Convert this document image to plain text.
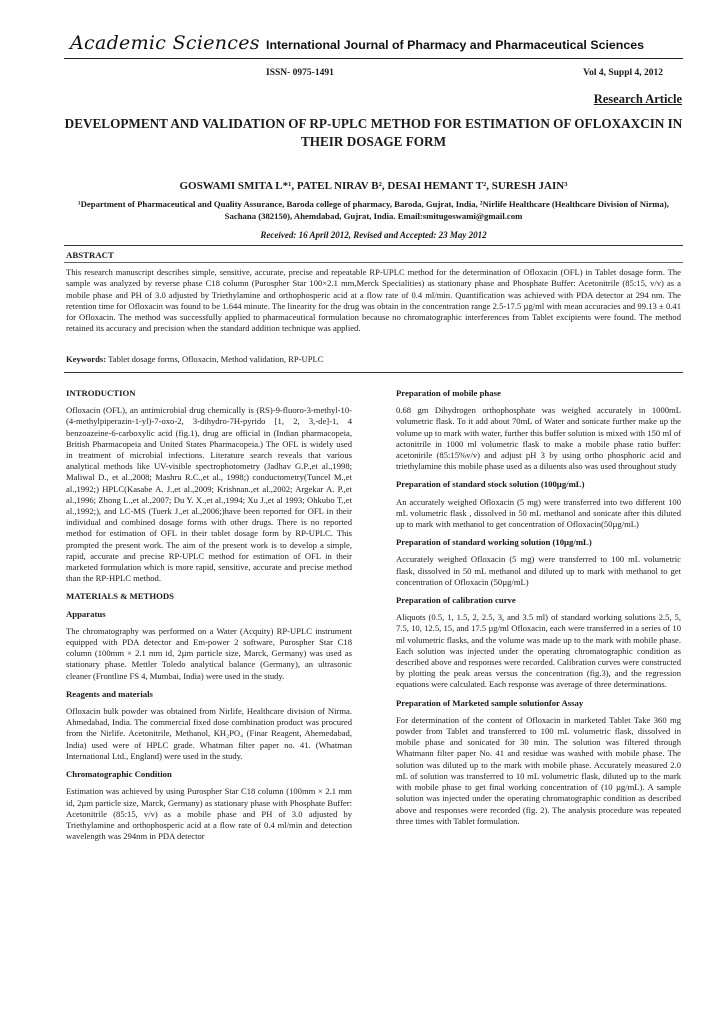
Academic Sciences International Journal of Pharmacy and Pharmaceutical Sciences
ISSN- 0975-1491	Vol 4, Suppl 4, 2012
Research Article
DEVELOPMENT AND VALIDATION OF RP-UPLC METHOD FOR ESTIMATION OF OFLOXAXCIN IN THEIR DOSAGE FORM
GOSWAMI SMITA L*¹, PATEL NIRAV B², DESAI HEMANT T², SURESH JAIN³
¹Department of Pharmaceutical and Quality Assurance, Baroda college of pharmacy, Baroda, Gujrat, India, ²Nirlife Healthcare (Healthcare Division of Nirma), Sachana (382150), Ahemdabad, Gujrat, India. Email:smitugoswami@gmail.com
Received: 16 April 2012, Revised and Accepted: 23 May 2012
ABSTRACT
This research manuscript describes simple, sensitive, accurate, precise and repeatable RP-UPLC method for the determination of Ofloxacin (OFL) in Tablet dosage form. The sample was analyzed by reverse phase C18 column (Purospher Star 100×2.1 mm,Merck Specialities) as stationary phase and Phosphate Buffer: Acetonitrile (85:15, v/v) as a mobile phase and PH of 3.0 adjusted by Triethylamine and orthophosperic acid at a flow rate of 0.4 ml/min. Quantification was achieved with PDA detector at 294 nm. The retention time for Ofloxacin was found to be 1.644 minute. The linearity for the drug was obtain in the concentration range 2.5-17.5 µg/ml with mean accuracies and 99.13 ± 0.41 for Ofloxacin. The method was successfully applied to pharmaceutical formulation because no chromatographic interferences from Tablet excipients were found. The method retained its accuracy and precision when the standard addition technique was applied.
Keywords: Tablet dosage forms, Ofloxacin, Method validation, RP-UPLC
INTRODUCTION

Ofloxacin (OFL), an antimicrobial drug chemically is (RS)-9-fluoro-3-methyl-10-(4-methylpiperazin-1-yl)-7-oxo-2, 3-dihydro-7H-pyrido [1, 2, 3,-de]-1, 4 benzoazeine-6-carboxylic acid (fig.1), drug are official in (Indian pharmacopeia, British Pharmacopeia and United States Pharmacopeia.) The OFL is widely used in treatment of microbial infections. Literature search reveals that various analytical methods like UV-visible spectrophotometry (Jadhav G.P.,et al.,1998; Maliwal D., et al.,2008; Mashru R.C.,et al., 1998;) conductometry(Tuncel M.,et al.,1992;) HPLC(Kasabe A. J.,et al.,2009; Krishnan.,et al.,2002; Argekar A. P.,et al.,1996; Zhong L.,et al.,2007; Du Y. X.,et al.,1994; Xu J.,et al 1993; Ohkubo T.,et al.,1992;), and LC-MS (Tuerk J.,et al.,2006;)have been reported for OFL in their individual and combined dosage forms with other drugs. There is no reported method for estimation of OFL in their tablet dosage form by RP-UPLC. This prompted the present work. The aim of the present work is to develop a simple, rapid, accurate and precise RP-UPLC method for estimation of OFL in their marketed formulation which is more rapid, sensitive, accurate and precise method than the RP-HPLC method.

MATERIALS & METHODS
Apparatus

The chromatography was performed on a Water (Acquity) RP-UPLC instrument equipped with PDA detector and Em-power 2 software, Purospher Star C18 column (100mm × 2.1 mm id, 2µm particle size, Marck, Germany) was used as stationary phase. Mettler Toledo analytical balance (Germany), an ultrasonic cleaner (Frontline FS 4, Mumbai, India) were used in the study.

Reagents and materials

Ofloxacin bulk powder was obtained from Nirlife, Healthcare division of Nirma. Ahmedabad, India. The commercial fixed dose combination product was procured from the Nirlife. Acetonitrile, Methanol, KH₂PO₄ (Finar Reagent, Ahemedabad, India) used were of HPLC grade. Whatman filter paper no. 41. (Whatman International Ltd., England) were used in the study.

Chromatographic Condition

Estimation was achieved by using Purospher Star C18 column (100mm × 2.1 mm id, 2µm particle size, Marck, Germany) as stationary phase with Phosphate Buffer: Acetonitrile (85:15, v/v) as a mobile phase and PH of 3.0 adjusted by Triethylamine and orthophosperic acid at a flow rate of 0.4 ml/min and detection wavelength was 294nm in PDA detector

Preparation of mobile phase

0.68 gm Dihydrogen orthophosphate was weighed accurately in 1000mL volumetric flask. To it add about 70mL of Water and sonicate further make up the volume up to mark with water, further this buffer solution is mixed with 150 ml of actonitrile in 1000 ml volumetric flask to make a mobile phase ratio buffer: acetonirile (85:15%v/v) and adjust pH 3 by using ortho phosphoric acid and triethylamine this mobile phase used as a diluents also was used throughout study

Preparation of standard stock solution (100µg/mL)

An accurately weighed Ofloxacin (5 mg) were transferred into two different 100 mL volumetric flask , dissolved in 50 mL methanol and sonicate after this diluted up to mark with methanol to get concentration of Ofloxacin(50µg/mL)

Preparation of standard working solution (10µg/mL)

Accurately weighed Ofloxacin (5 mg) were transferred to 100 mL volumetric flask, dissolved in 50 mL methanol and diluted up to mark with methanol to get concentration of Ofloxacin (50µg/mL)

Preparation of calibration curve

Aliquots (0.5, 1, 1.5, 2, 2.5, 3, and 3.5 ml) of standard working solutions 2.5, 5, 7.5, 10, 12.5, 15, and 17.5 µg/ml Ofloxacin, each were transferred in a series of 10 ml volumetric flasks, and the volume was made up to the mark with mobile phase. Each solution was injected under the operating chromatographic condition as described above and responses were recorded. Calibration curves were constructed by plotting the peak areas versus the concentration (fig.3), and the regression equations were calculated. Each response was average of three determinations.

Preparation of Marketed sample solutionfor Assay

For determination of the content of Ofloxacin in marketed Tablet Take 360 mg powder from Tablet and transferred to 100 mL volumetric flask, dissolved in mobile phase and sonicated for 30 min. The solution was filtered through Whatmann filter paper No. 41 and residue was washed with mobile phase. The solution was diluted up to the mark with mobile phase. Accurately measured 2.0 mL of solution was transferred to 10 mL volumetric flask, diluted up to the mark with mobile phase to get final working concentration of (10 µg/mL). A sample solution was injected under the operating chromatographic condition as described above and responses were recorded (fig. 2). The analysis procedure was repeated three times with Tablet formulation.
